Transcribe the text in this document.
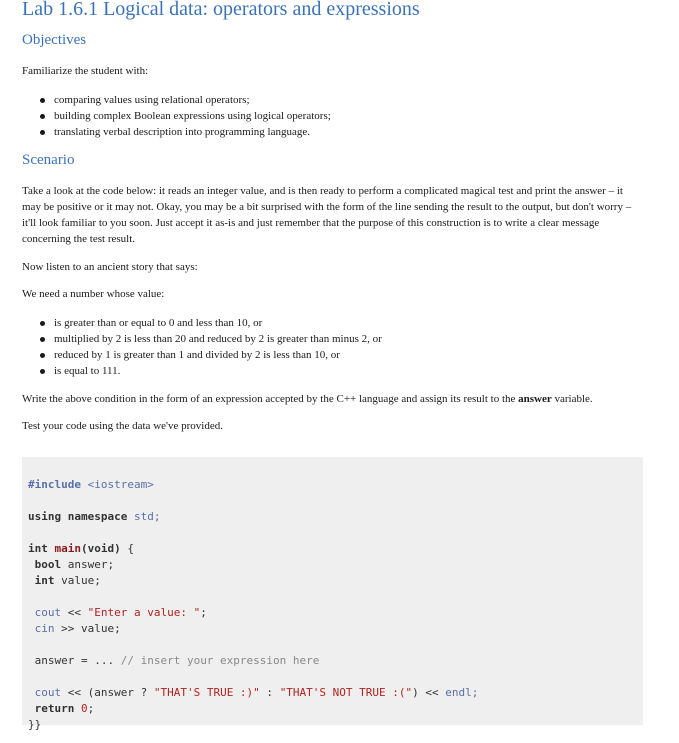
Lab 1.6.1 Logical data: operators and expressions
Objectives

Familiarize the student with:

comparing values using relational operators;
building complex Boolean expressions using logical operators;
translating verbal description into programming language.
Scenario

Take a look at the code below: it reads an integer value, and is then ready to perform a complicated magical test and print the answer – it may be positive or it may not. Okay, you may be a bit surprised with the form of the line sending the result to the output, but don't worry – it'll look familiar to you soon. Just accept it as-is and just remember that the purpose of this construction is to write a clear message concerning the test result.

Now listen to an ancient story that says:

We need a number whose value:

is greater than or equal to 0 and less than 10, or
multiplied by 2 is less than 20 and reduced by 2 is greater than minus 2, or
reduced by 1 is greater than 1 and divided by 2 is less than 10, or
is equal to 111.

Write the above condition in the form of an expression accepted by the C++ language and assign its result to the answer variable.

Test your code using the data we've provided.

#include <iostream>
using namespace std;
int main(void) {
bool answer;
int value;
cout << "Enter a value: ";
cin >> value;
answer = ... // insert your expression here
cout << (answer ? "THAT'S TRUE :)" : "THAT'S NOT TRUE :(") << endl;
return 0;
}}
